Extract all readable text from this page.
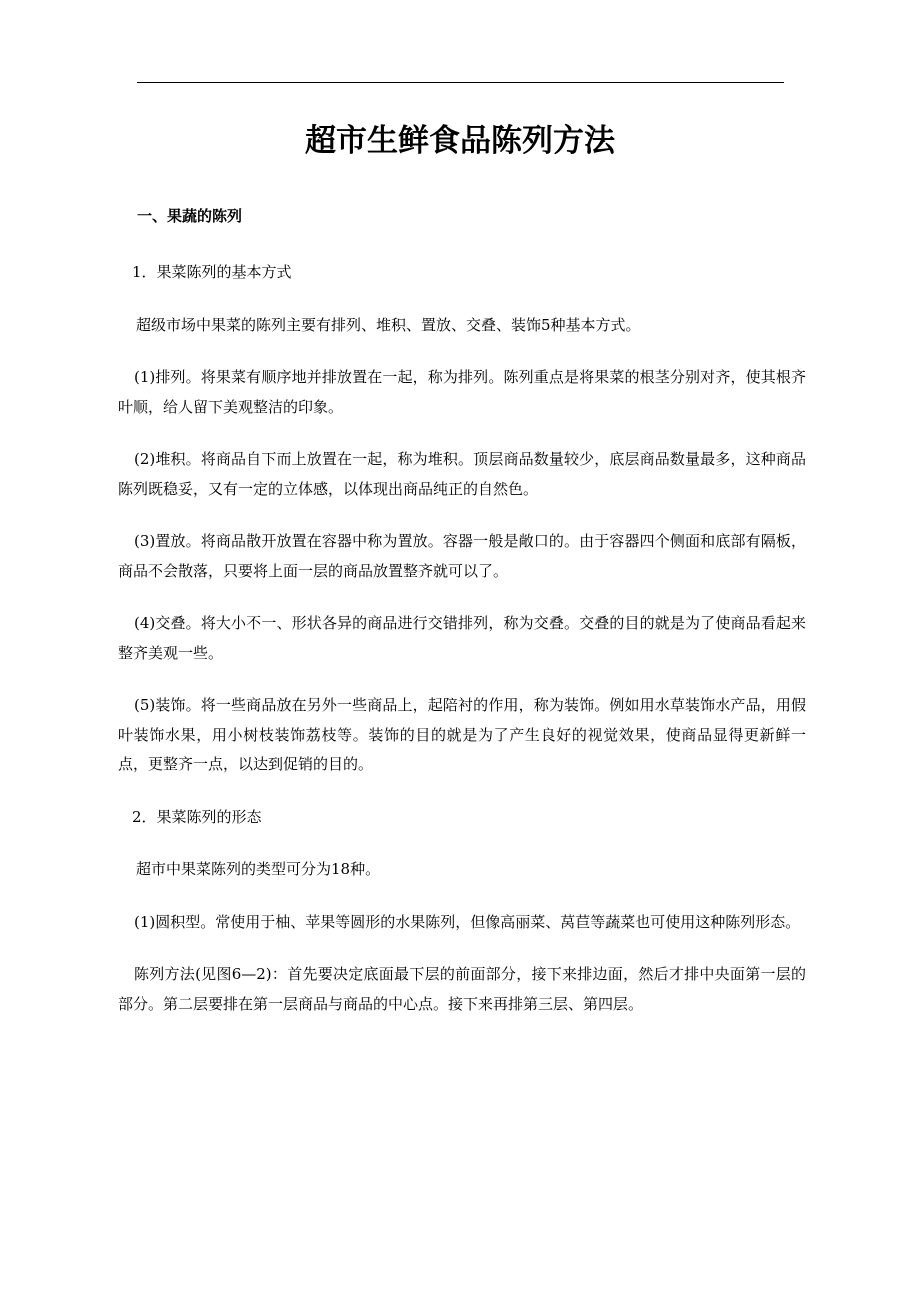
超市生鲜食品陈列方法
一、果蔬的陈列

1．果菜陈列的基本方式

超级市场中果菜的陈列主要有排列、堆积、置放、交叠、装饰5种基本方式。

(1)排列。将果菜有顺序地并排放置在一起，称为排列。陈列重点是将果菜的根茎分别对齐，使其根齐叶顺，给人留下美观整洁的印象。

(2)堆积。将商品自下而上放置在一起，称为堆积。顶层商品数量较少，底层商品数量最多，这种商品陈列既稳妥，又有一定的立体感，以体现出商品纯正的自然色。

(3)置放。将商品散开放置在容器中称为置放。容器一般是敞口的。由于容器四个侧面和底部有隔板，商品不会散落，只要将上面一层的商品放置整齐就可以了。

(4)交叠。将大小不一、形状各异的商品进行交错排列，称为交叠。交叠的目的就是为了使商品看起来整齐美观一些。

(5)装饰。将一些商品放在另外一些商品上，起陪衬的作用，称为装饰。例如用水草装饰水产品，用假叶装饰水果，用小树枝装饰荔枝等。装饰的目的就是为了产生良好的视觉效果，使商品显得更新鲜一点，更整齐一点，以达到促销的目的。

2．果菜陈列的形态

超市中果菜陈列的类型可分为18种。

(1)圆积型。常使用于柚、苹果等圆形的水果陈列，但像高丽菜、莴苣等蔬菜也可使用这种陈列形态。

陈列方法(见图6—2)：首先要决定底面最下层的前面部分，接下来排边面，然后才排中央面第一层的部分。第二层要排在第一层商品与商品的中心点。接下来再排第三层、第四层。
